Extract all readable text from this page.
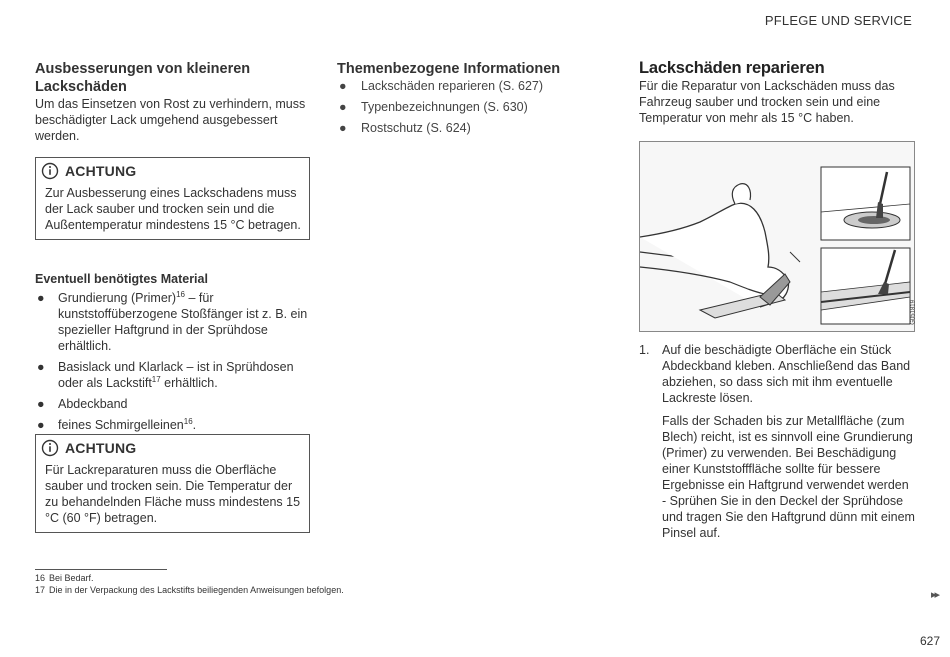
PFLEGE UND SERVICE
Ausbesserungen von kleineren Lackschäden

Um das Einsetzen von Rost zu verhindern, muss beschädigter Lack umgehend ausgebessert werden.

ACHTUNG
Zur Ausbesserung eines Lackschadens muss der Lack sauber und trocken sein und die Außentemperatur mindestens 15 °C betragen.
Eventuell benötigtes Material
● Grundierung (Primer)$^{16}$ – für kunststoffüberzogene Stoßfänger ist z. B. ein spezieller Haftgrund in der Sprühdose erhältlich.
● Basislack und Klarlack – ist in Sprühdosen oder als Lackstift$^{17}$ erhältlich.
● Abdeckband
● feines Schmirgelleinen$^{16}$.
ACHTUNG
Für Lackreparaturen muss die Oberfläche sauber und trocken sein. Die Temperatur der zu behandelnden Fläche muss mindestens 15 °C (60 °F) betragen.
Themenbezogene Informationen
● Lackschäden reparieren (S. 627)
● Typenbezeichnungen (S. 630)
● Rostschutz (S. 624)
Lackschäden reparieren

Für die Reparatur von Lackschäden muss das Fahrzeug sauber und trocken sein und eine Temperatur von mehr als 15 °C haben.

G051819
1. Auf die beschädigte Oberfläche ein Stück Abdeckband kleben. Anschließend das Band abziehen, so dass sich mit ihm eventuelle Lackreste lösen.

Falls der Schaden bis zur Metallfläche (zum Blech) reicht, ist es sinnvoll eine Grundierung (Primer) zu verwenden. Bei Beschädigung einer Kunststofffläche sollte für bessere Ergebnisse ein Haftgrund verwendet werden - Sprühen Sie in den Deckel der Sprühdose und tragen Sie den Haftgrund dünn mit einem Pinsel auf.

16 Bei Bedarf.
17 Die in der Verpackung des Lackstifts beiliegenden Anweisungen befolgen.	▸▸
627
